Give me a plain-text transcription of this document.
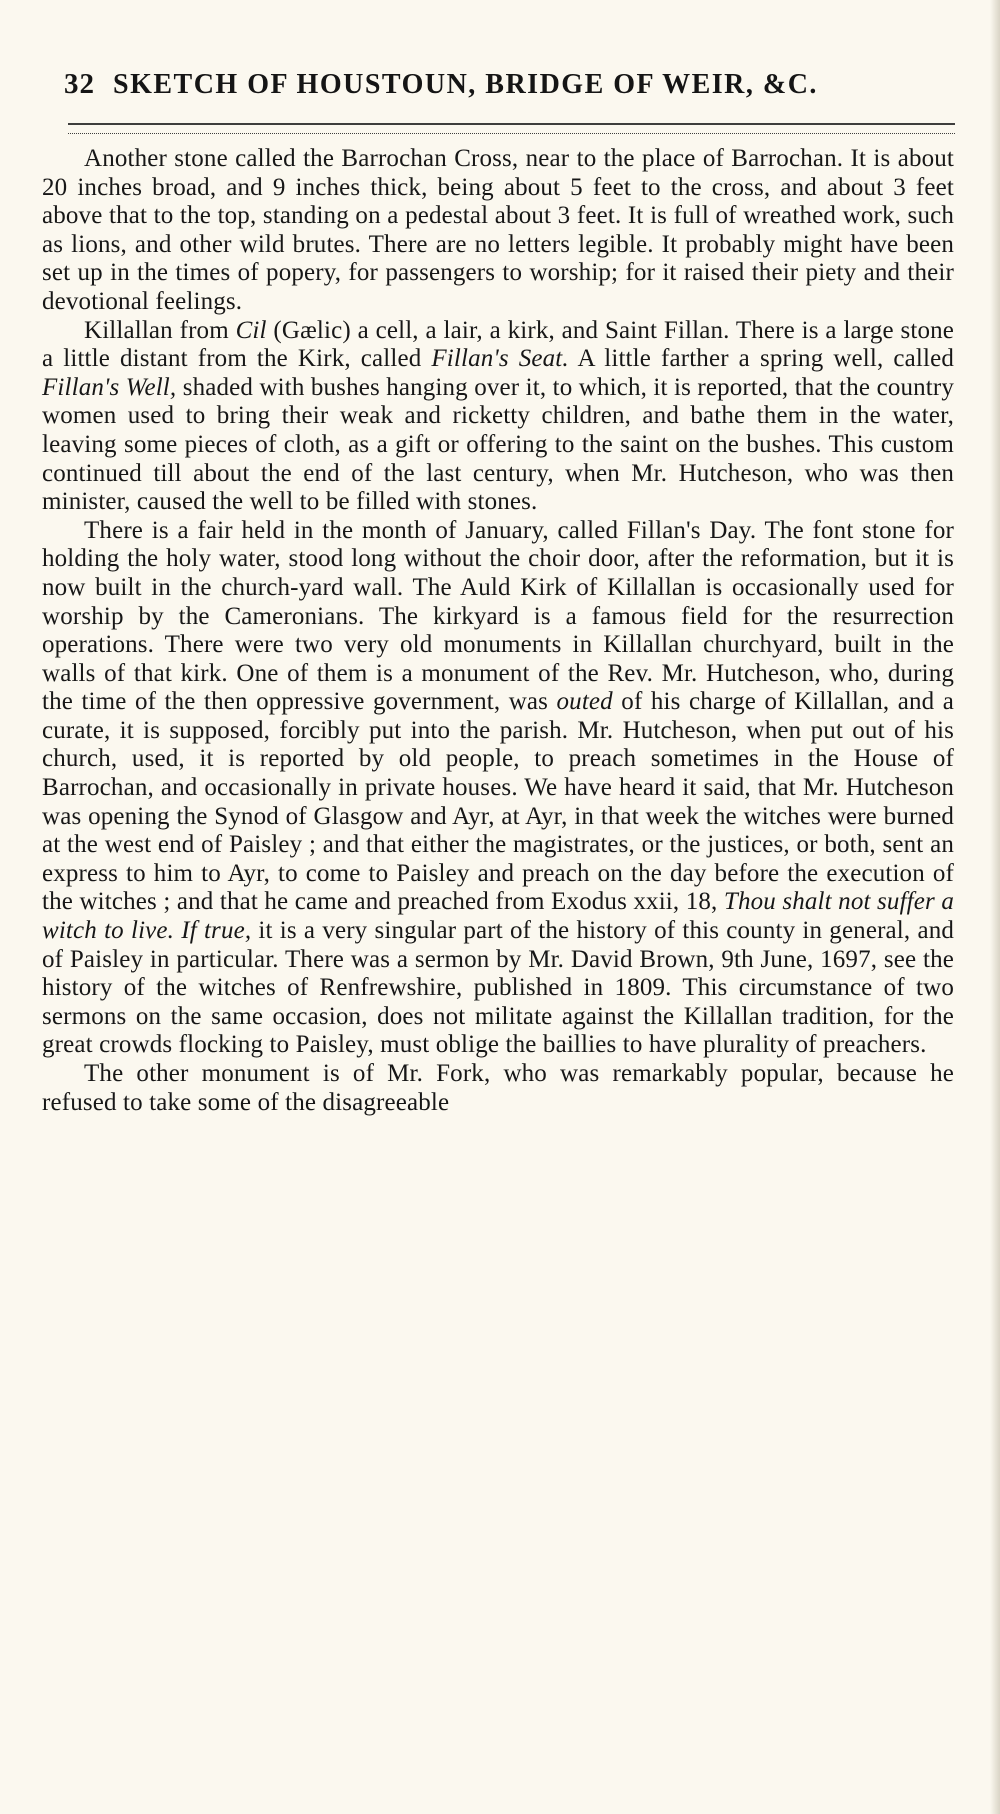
32 SKETCH OF HOUSTOUN, BRIDGE OF WEIR, &C.

Another stone called the Barrochan Cross, near to the place of Barrochan. It is about 20 inches broad, and 9 inches thick, being about 5 feet to the cross, and about 3 feet above that to the top, standing on a pedestal about 3 feet. It is full of wreathed work, such as lions, and other wild brutes. There are no letters legible. It probably might have been set up in the times of popery, for passengers to worship; for it raised their piety and their devotional feelings.

Killallan from Cil (Gælic) a cell, a lair, a kirk, and Saint Fillan. There is a large stone a little distant from the Kirk, called Fillan's Seat. A little farther a spring well, called Fillan's Well, shaded with bushes hanging over it, to which, it is reported, that the country women used to bring their weak and ricketty children, and bathe them in the water, leaving some pieces of cloth, as a gift or offering to the saint on the bushes. This custom continued till about the end of the last century, when Mr. Hutcheson, who was then minister, caused the well to be filled with stones.

There is a fair held in the month of January, called Fillan's Day. The font stone for holding the holy water, stood long without the choir door, after the reformation, but it is now built in the church-yard wall. The Auld Kirk of Killallan is occasionally used for worship by the Cameronians. The kirkyard is a famous field for the resurrection operations. There were two very old monuments in Killallan churchyard, built in the walls of that kirk. One of them is a monument of the Rev. Mr. Hutcheson, who, during the time of the then oppressive government, was outed of his charge of Killallan, and a curate, it is supposed, forcibly put into the parish. Mr. Hutcheson, when put out of his church, used, it is reported by old people, to preach sometimes in the House of Barrochan, and occasionally in private houses. We have heard it said, that Mr. Hutcheson was opening the Synod of Glasgow and Ayr, at Ayr, in that week the witches were burned at the west end of Paisley ; and that either the magistrates, or the justices, or both, sent an express to him to Ayr, to come to Paisley and preach on the day before the execution of the witches ; and that he came and preached from Exodus xxii, 18, Thou shalt not suffer a witch to live. If true, it is a very singular part of the history of this county in general, and of Paisley in particular. There was a sermon by Mr. David Brown, 9th June, 1697, see the history of the witches of Renfrewshire, published in 1809. This circumstance of two sermons on the same occasion, does not militate against the Killallan tradition, for the great crowds flocking to Paisley, must oblige the baillies to have plurality of preachers.

The other monument is of Mr. Fork, who was remarkably popular, because he refused to take some of the disagreeable
